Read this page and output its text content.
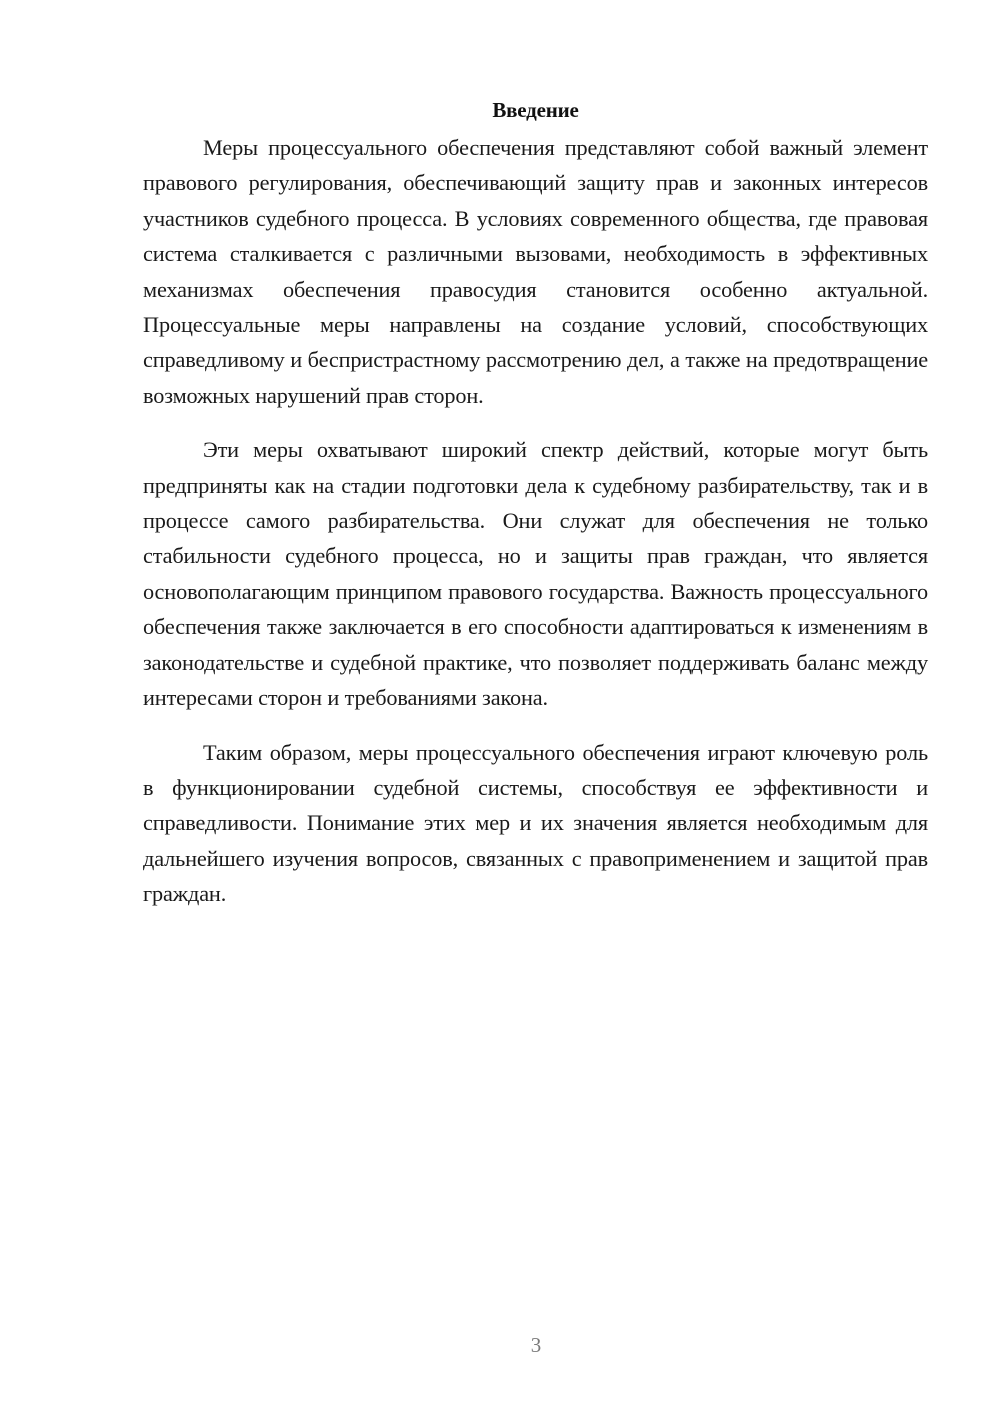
Введение

Меры процессуального обеспечения представляют собой важный элемент правового регулирования, обеспечивающий защиту прав и законных интересов участников судебного процесса. В условиях современного общества, где правовая система сталкивается с различными вызовами, необходимость в эффективных механизмах обеспечения правосудия становится особенно актуальной. Процессуальные меры направлены на создание условий, способствующих справедливому и беспристрастному рассмотрению дел, а также на предотвращение возможных нарушений прав сторон.

Эти меры охватывают широкий спектр действий, которые могут быть предприняты как на стадии подготовки дела к судебному разбирательству, так и в процессе самого разбирательства. Они служат для обеспечения не только стабильности судебного процесса, но и защиты прав граждан, что является основополагающим принципом правового государства. Важность процессуального обеспечения также заключается в его способности адаптироваться к изменениям в законодательстве и судебной практике, что позволяет поддерживать баланс между интересами сторон и требованиями закона.

Таким образом, меры процессуального обеспечения играют ключевую роль в функционировании судебной системы, способствуя ее эффективности и справедливости. Понимание этих мер и их значения является необходимым для дальнейшего изучения вопросов, связанных с правоприменением и защитой прав граждан.

3
